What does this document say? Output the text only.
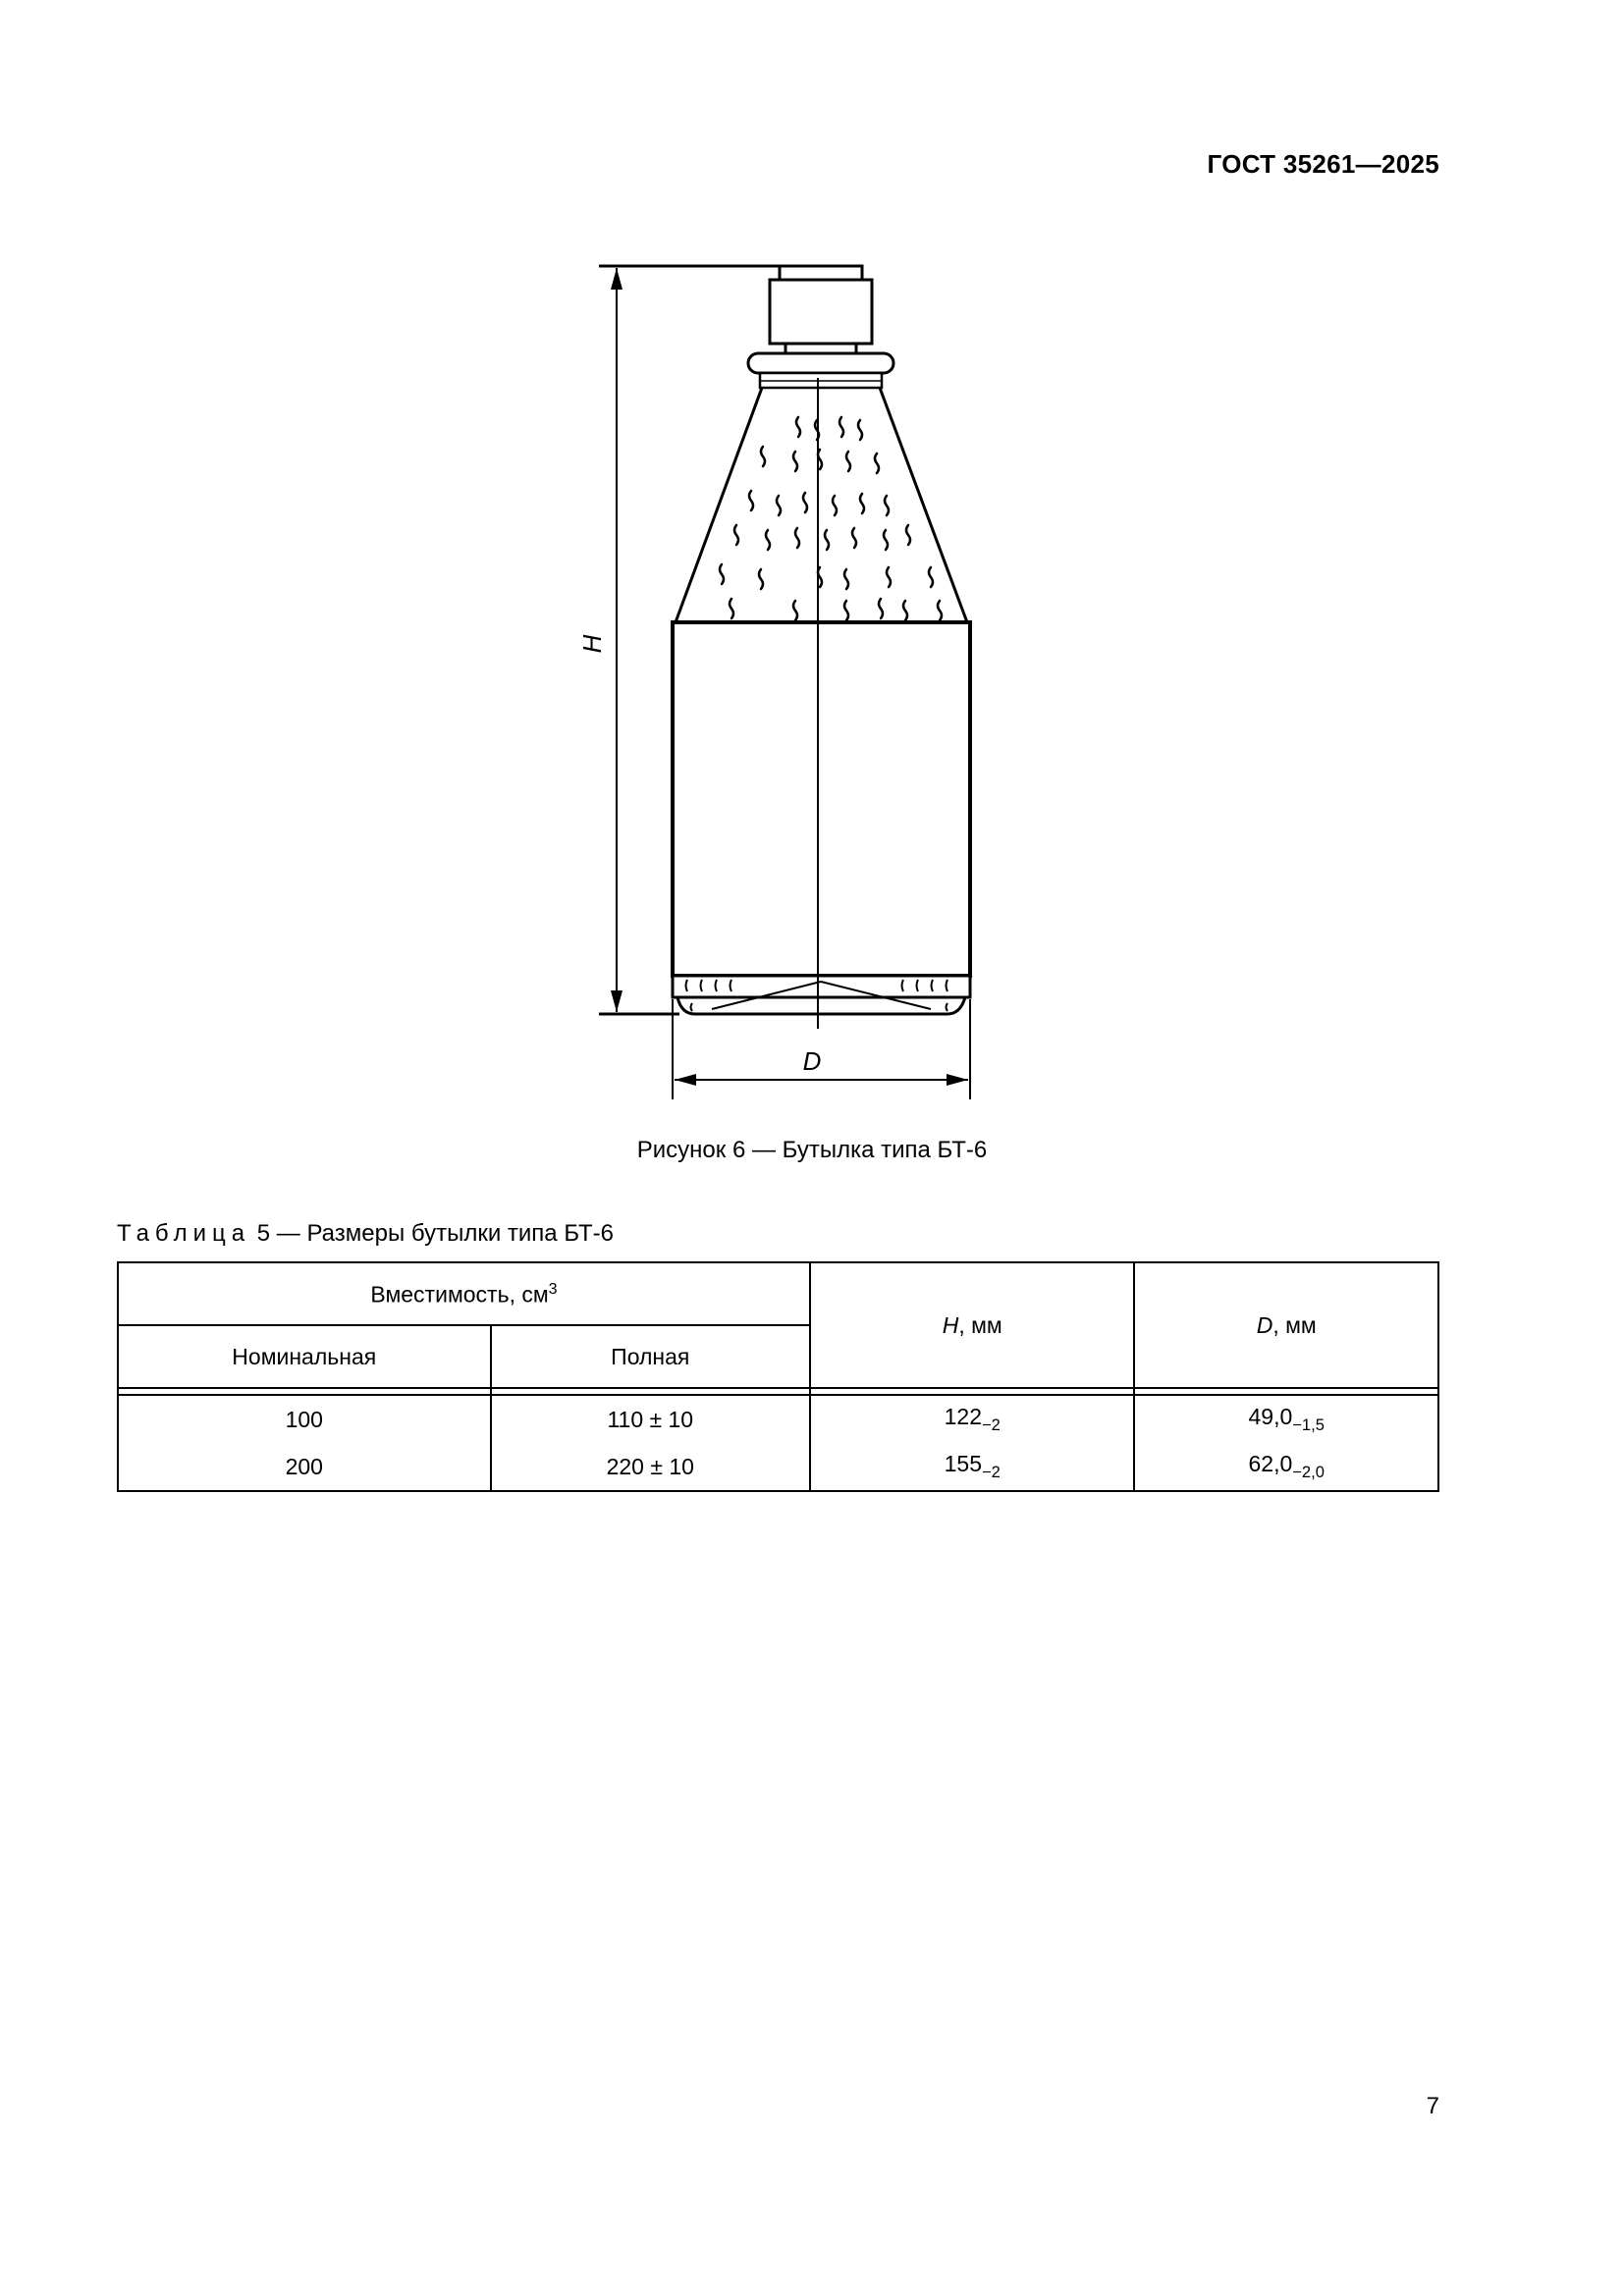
ГОСТ 35261—2025
H
D
Рисунок 6 — Бутылка типа БТ-6
Таблица 5 — Размеры бутылки типа БТ-6
Вместимость, $см^3$		H, мм	D, мм
Номинальная	Полная		

100	110 ± 10	$122_{-2}$	$49,0_{-1,5}$
200	220 ± 10	$155_{-2}$	$62,0_{-2,0}$
7
